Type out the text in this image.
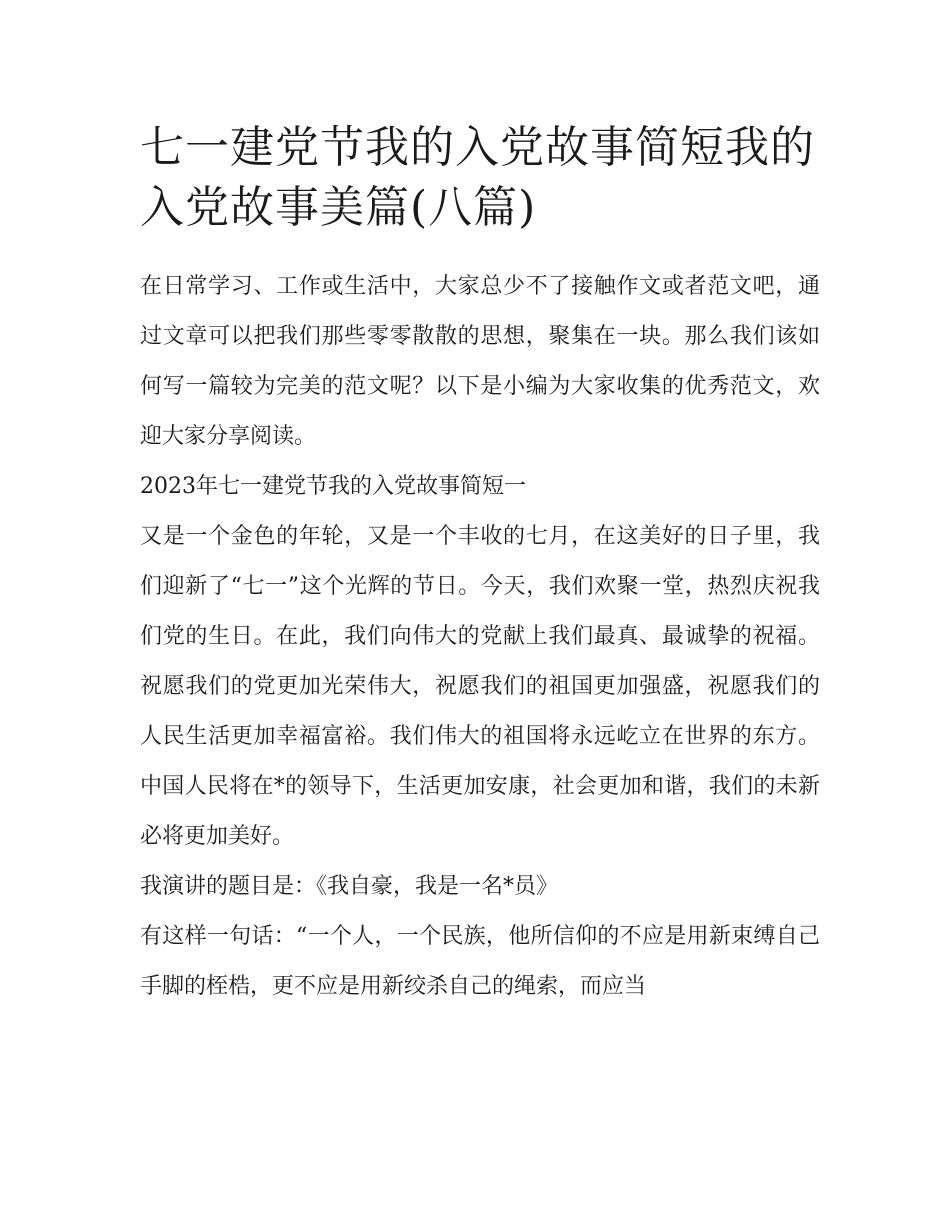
七一建党节我的入党故事简短我的入党故事美篇(八篇)

在日常学习、工作或生活中，大家总少不了接触作文或者范文吧，通过文章可以把我们那些零零散散的思想，聚集在一块。那么我们该如何写一篇较为完美的范文呢？以下是小编为大家收集的优秀范文，欢迎大家分享阅读。

2023年七一建党节我的入党故事简短一

又是一个金色的年轮，又是一个丰收的七月，在这美好的日子里，我们迎新了“七一”这个光辉的节日。今天，我们欢聚一堂，热烈庆祝我们党的生日。在此，我们向伟大的党献上我们最真、最诚挚的祝福。祝愿我们的党更加光荣伟大，祝愿我们的祖国更加强盛，祝愿我们的人民生活更加幸福富裕。我们伟大的祖国将永远屹立在世界的东方。中国人民将在*的领导下，生活更加安康，社会更加和谐，我们的未新必将更加美好。

我演讲的题目是：《我自豪，我是一名*员》

有这样一句话：“一个人，一个民族，他所信仰的不应是用新束缚自己手脚的桎梏，更不应是用新绞杀自己的绳索，而应当
